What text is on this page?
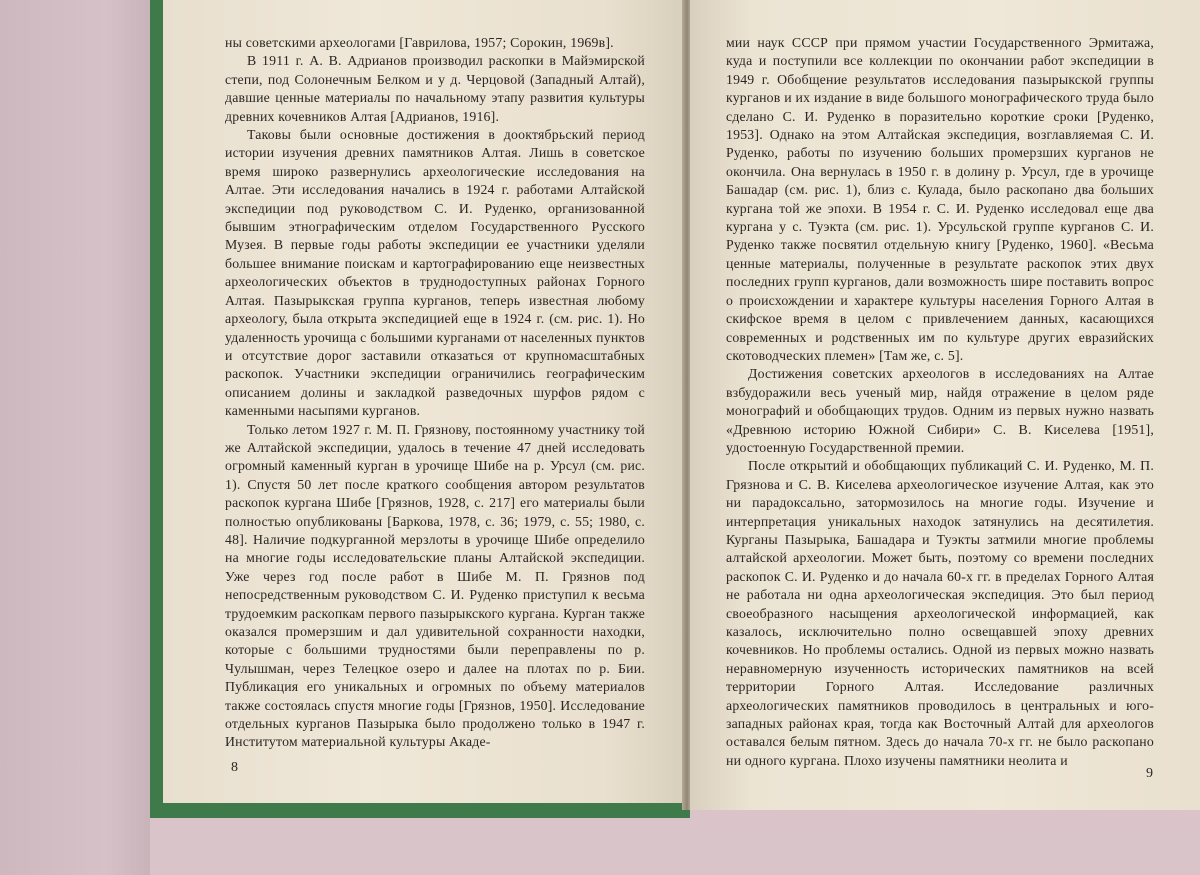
ны советскими археологами [Гаврилова, 1957; Сорокин, 1969в].

В 1911 г. А. В. Адрианов производил раскопки в Майэмирской степи, под Солонечным Белком и у д. Черцовой (Западный Алтай), давшие ценные материалы по начальному этапу развития культуры древних кочевников Алтая [Адрианов, 1916].

Таковы были основные достижения в дооктябрьский период истории изучения древних памятников Алтая. Лишь в советское время широко развернулись археологические исследования на Алтае. Эти исследования начались в 1924 г. работами Алтайской экспедиции под руководством С. И. Руденко, организованной бывшим этнографическим отделом Государственного Русского Музея. В первые годы работы экспедиции ее участники уделяли большее внимание поискам и картографированию еще неизвестных археологических объектов в труднодоступных районах Горного Алтая. Пазырыкская группа курганов, теперь известная любому археологу, была открыта экспедицией еще в 1924 г. (см. рис. 1). Но удаленность урочища с большими курганами от населенных пунктов и отсутствие дорог заставили отказаться от крупномасштабных раскопок. Участники экспедиции ограничились географическим описанием долины и закладкой разведочных шурфов рядом с каменными насыпями курганов.

Только летом 1927 г. М. П. Грязнову, постоянному участнику той же Алтайской экспедиции, удалось в течение 47 дней исследовать огромный каменный курган в урочище Шибе на р. Урсул (см. рис. 1). Спустя 50 лет после краткого сообщения автором результатов раскопок кургана Шибе [Грязнов, 1928, с. 217] его материалы были полностью опубликованы [Баркова, 1978, с. 36; 1979, с. 55; 1980, с. 48]. Наличие подкурганной мерзлоты в урочище Шибе определило на многие годы исследовательские планы Алтайской экспедиции. Уже через год после работ в Шибе М. П. Грязнов под непосредственным руководством С. И. Руденко приступил к весьма трудоемким раскопкам первого пазырыкского кургана. Курган также оказался промерзшим и дал удивительной сохранности находки, которые с большими трудностями были переправлены по р. Чулышман, через Телецкое озеро и далее на плотах по р. Бии. Публикация его уникальных и огромных по объему материалов также состоялась спустя многие годы [Грязнов, 1950]. Исследование отдельных курганов Пазырыка было продолжено только в 1947 г. Институтом материальной культуры Акаде-

8

мии наук СССР при прямом участии Государственного Эрмитажа, куда и поступили все коллекции по окончании работ экспедиции в 1949 г. Обобщение результатов исследования пазырыкской группы курганов и их издание в виде большого монографического труда было сделано С. И. Руденко в поразительно короткие сроки [Руденко, 1953]. Однако на этом Алтайская экспедиция, возглавляемая С. И. Руденко, работы по изучению больших промерзших курганов не окончила. Она вернулась в 1950 г. в долину р. Урсул, где в урочище Башадар (см. рис. 1), близ с. Кулада, было раскопано два больших кургана той же эпохи. В 1954 г. С. И. Руденко исследовал еще два кургана у с. Туэкта (см. рис. 1). Урсульской группе курганов С. И. Руденко также посвятил отдельную книгу [Руденко, 1960]. «Весьма ценные материалы, полученные в результате раскопок этих двух последних групп курганов, дали возможность шире поставить вопрос о происхождении и характере культуры населения Горного Алтая в скифское время в целом с привлечением данных, касающихся современных и родственных им по культуре других евразийских скотоводческих племен» [Там же, с. 5].

Достижения советских археологов в исследованиях на Алтае взбудоражили весь ученый мир, найдя отражение в целом ряде монографий и обобщающих трудов. Одним из первых нужно назвать «Древнюю историю Южной Сибири» С. В. Киселева [1951], удостоенную Государственной премии.

После открытий и обобщающих публикаций С. И. Руденко, М. П. Грязнова и С. В. Киселева археологическое изучение Алтая, как это ни парадоксально, затормозилось на многие годы. Изучение и интерпретация уникальных находок затянулись на десятилетия. Курганы Пазырыка, Башадара и Туэкты затмили многие проблемы алтайской археологии. Может быть, поэтому со времени последних раскопок С. И. Руденко и до начала 60-х гг. в пределах Горного Алтая не работала ни одна археологическая экспедиция. Это был период своеобразного насыщения археологической информацией, как казалось, исключительно полно освещавшей эпоху древних кочевников. Но проблемы остались. Одной из первых можно назвать неравномерную изученность исторических памятников на всей территории Горного Алтая. Исследование различных археологических памятников проводилось в центральных и юго-западных районах края, тогда как Восточный Алтай для археологов оставался белым пятном. Здесь до начала 70-х гг. не было раскопано ни одного кургана. Плохо изучены памятники неолита и

9
